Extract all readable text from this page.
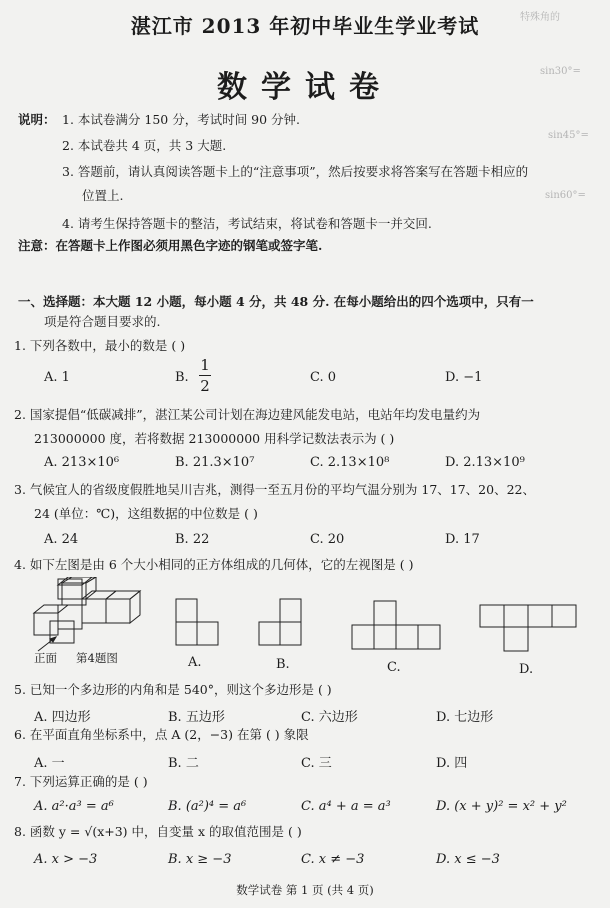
特殊角的
sin30°=
sin45°=
sin60°=
湛江市 2013 年初中毕业生学业考试
数学试卷
说明： 1. 本试卷满分 150 分，考试时间 90 分钟.
2. 本试卷共 4 页，共 3 大题.
3. 答题前，请认真阅读答题卡上的“注意事项”，然后按要求将答案写在答题卡相应的
位置上.
4. 请考生保持答题卡的整洁，考试结束，将试卷和答题卡一并交回.
注意：在答题卡上作图必须用黑色字迹的钢笔或签字笔.
一、选择题：本大题 12 小题，每小题 4 分，共 48 分. 在每小题给出的四个选项中，只有一
项是符合题目要求的.
1. 下列各数中，最小的数是 ( )
A. 1	B.
1
2	C. 0	D. −1
2. 国家提倡“低碳减排”，湛江某公司计划在海边建风能发电站，电站年均发电量约为
213000000 度，若将数据 213000000 用科学记数法表示为 ( )
A. 213×10⁶	B. 21.3×10⁷	C. 2.13×10⁸	D. 2.13×10⁹
3. 气候宜人的省级度假胜地吴川吉兆，测得一至五月份的平均气温分别为 17、17、20、22、
24 (单位：℃)，这组数据的中位数是 ( )
A. 24	B. 22	C. 20	D. 17
4. 如下左图是由 6 个大小相同的正方体组成的几何体，它的左视图是 ( )
正面 第4题图	A.	B.	C.	D.
5. 已知一个多边形的内角和是 540°，则这个多边形是 ( )
A. 四边形	B. 五边形	C. 六边形	D. 七边形
6. 在平面直角坐标系中，点 A (2，−3) 在第 ( ) 象限
A. 一	B. 二	C. 三	D. 四
7. 下列运算正确的是 ( )
A. a²·a³ = a⁶	B. (a²)⁴ = a⁶	C. a⁴ + a = a³	D. (x + y)² = x² + y²
8. 函数 y = √(x+3) 中，自变量 x 的取值范围是 ( )
A. x > −3	B. x ≥ −3	C. x ≠ −3	D. x ≤ −3
数学试卷 第 1 页 (共 4 页)
